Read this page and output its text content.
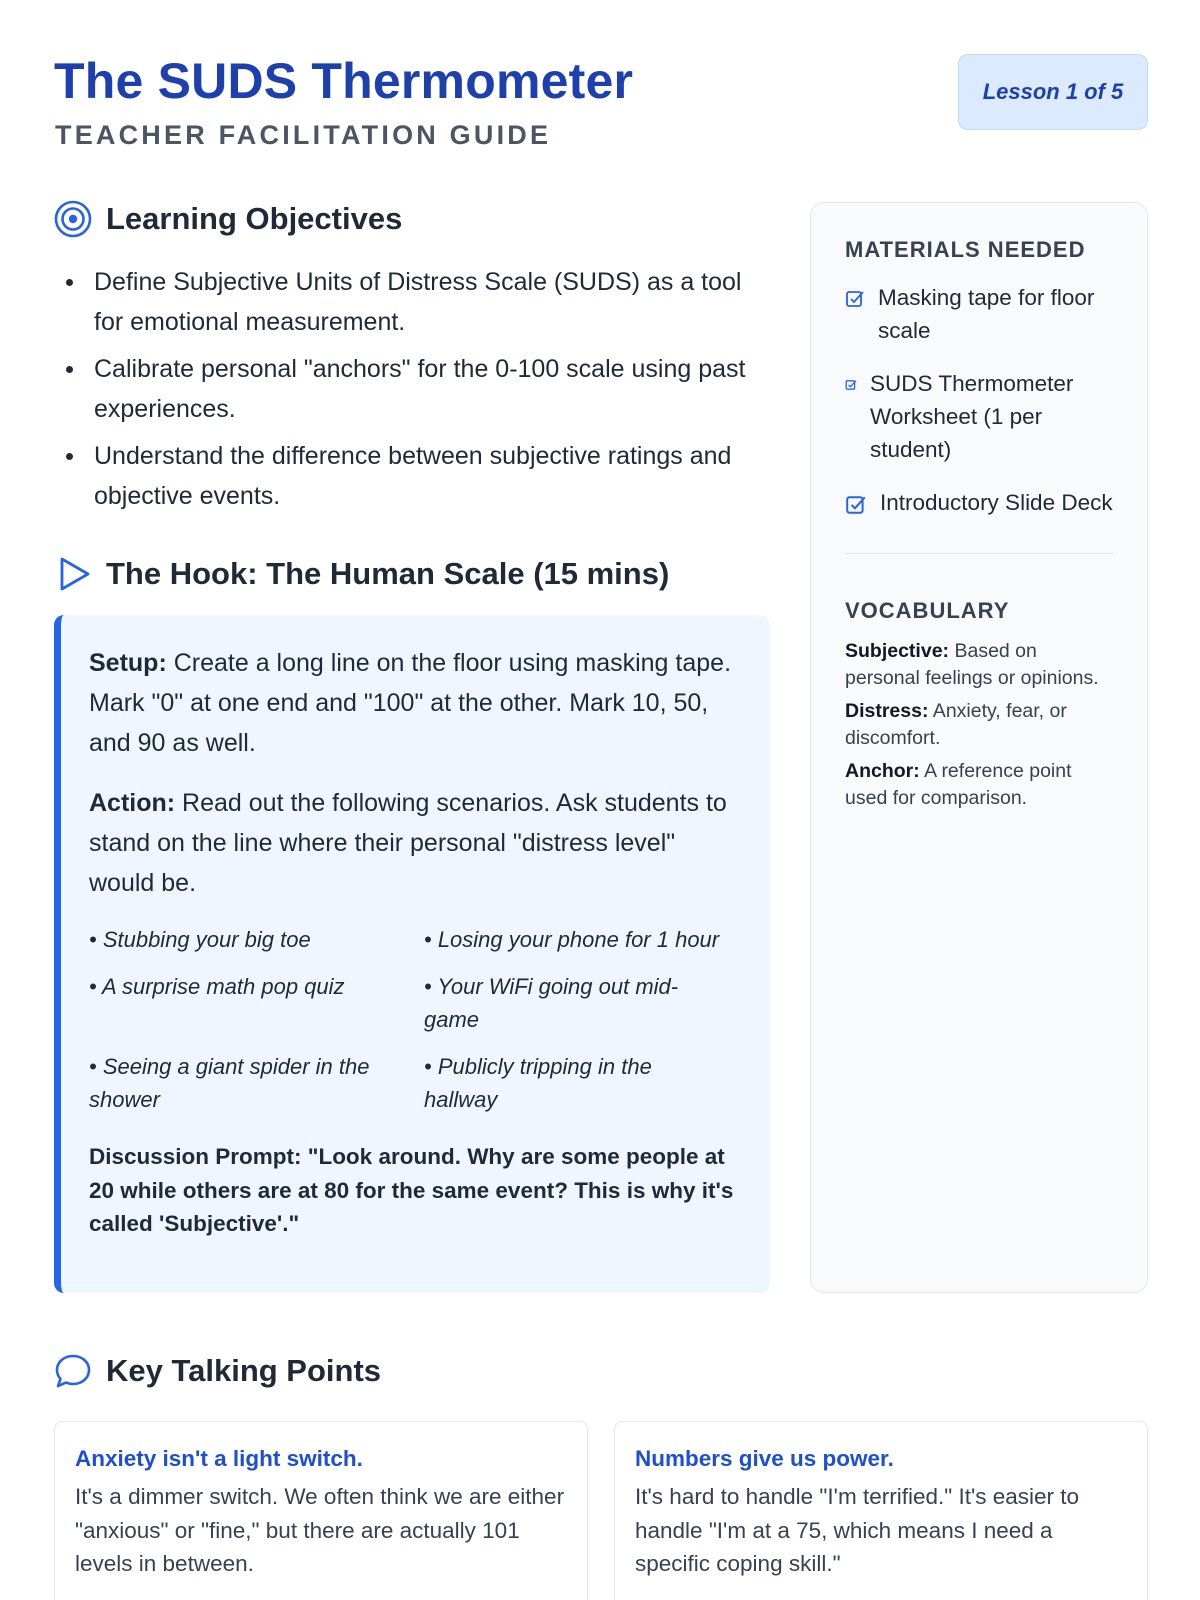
The SUDS Thermometer
TEACHER FACILITATION GUIDE
Lesson 1 of 5
Learning Objectives
Define Subjective Units of Distress Scale (SUDS) as a tool for emotional measurement.
Calibrate personal "anchors" for the 0-100 scale using past experiences.
Understand the difference between subjective ratings and objective events.
The Hook: The Human Scale (15 mins)

Setup: Create a long line on the floor using masking tape. Mark "0" at one end and "100" at the other. Mark 10, 50, and 90 as well.

Action: Read out the following scenarios. Ask students to stand on the line where their personal "distress level" would be.

• Stubbing your big toe	• Losing your phone for 1 hour
• A surprise math pop quiz	• Your WiFi going out mid-game
• Seeing a giant spider in the shower
• Publicly tripping in the hallway

Discussion Prompt: "Look around. Why are some people at 20 while others are at 80 for the same event? This is why it's called 'Subjective'."

MATERIALS NEEDED
Masking tape for floor scale
SUDS Thermometer Worksheet (1 per student)
Introductory Slide Deck
VOCABULARY

Subjective: Based on personal feelings or opinions.

Distress: Anxiety, fear, or discomfort.

Anchor: A reference point used for comparison.

Key Talking Points
Anxiety isn't a light switch.
It's a dimmer switch. We often think we are either "anxious" or "fine," but there are actually 101 levels in between.
Numbers give us power.
It's hard to handle "I'm terrified." It's easier to handle "I'm at a 75, which means I need a specific coping skill."
